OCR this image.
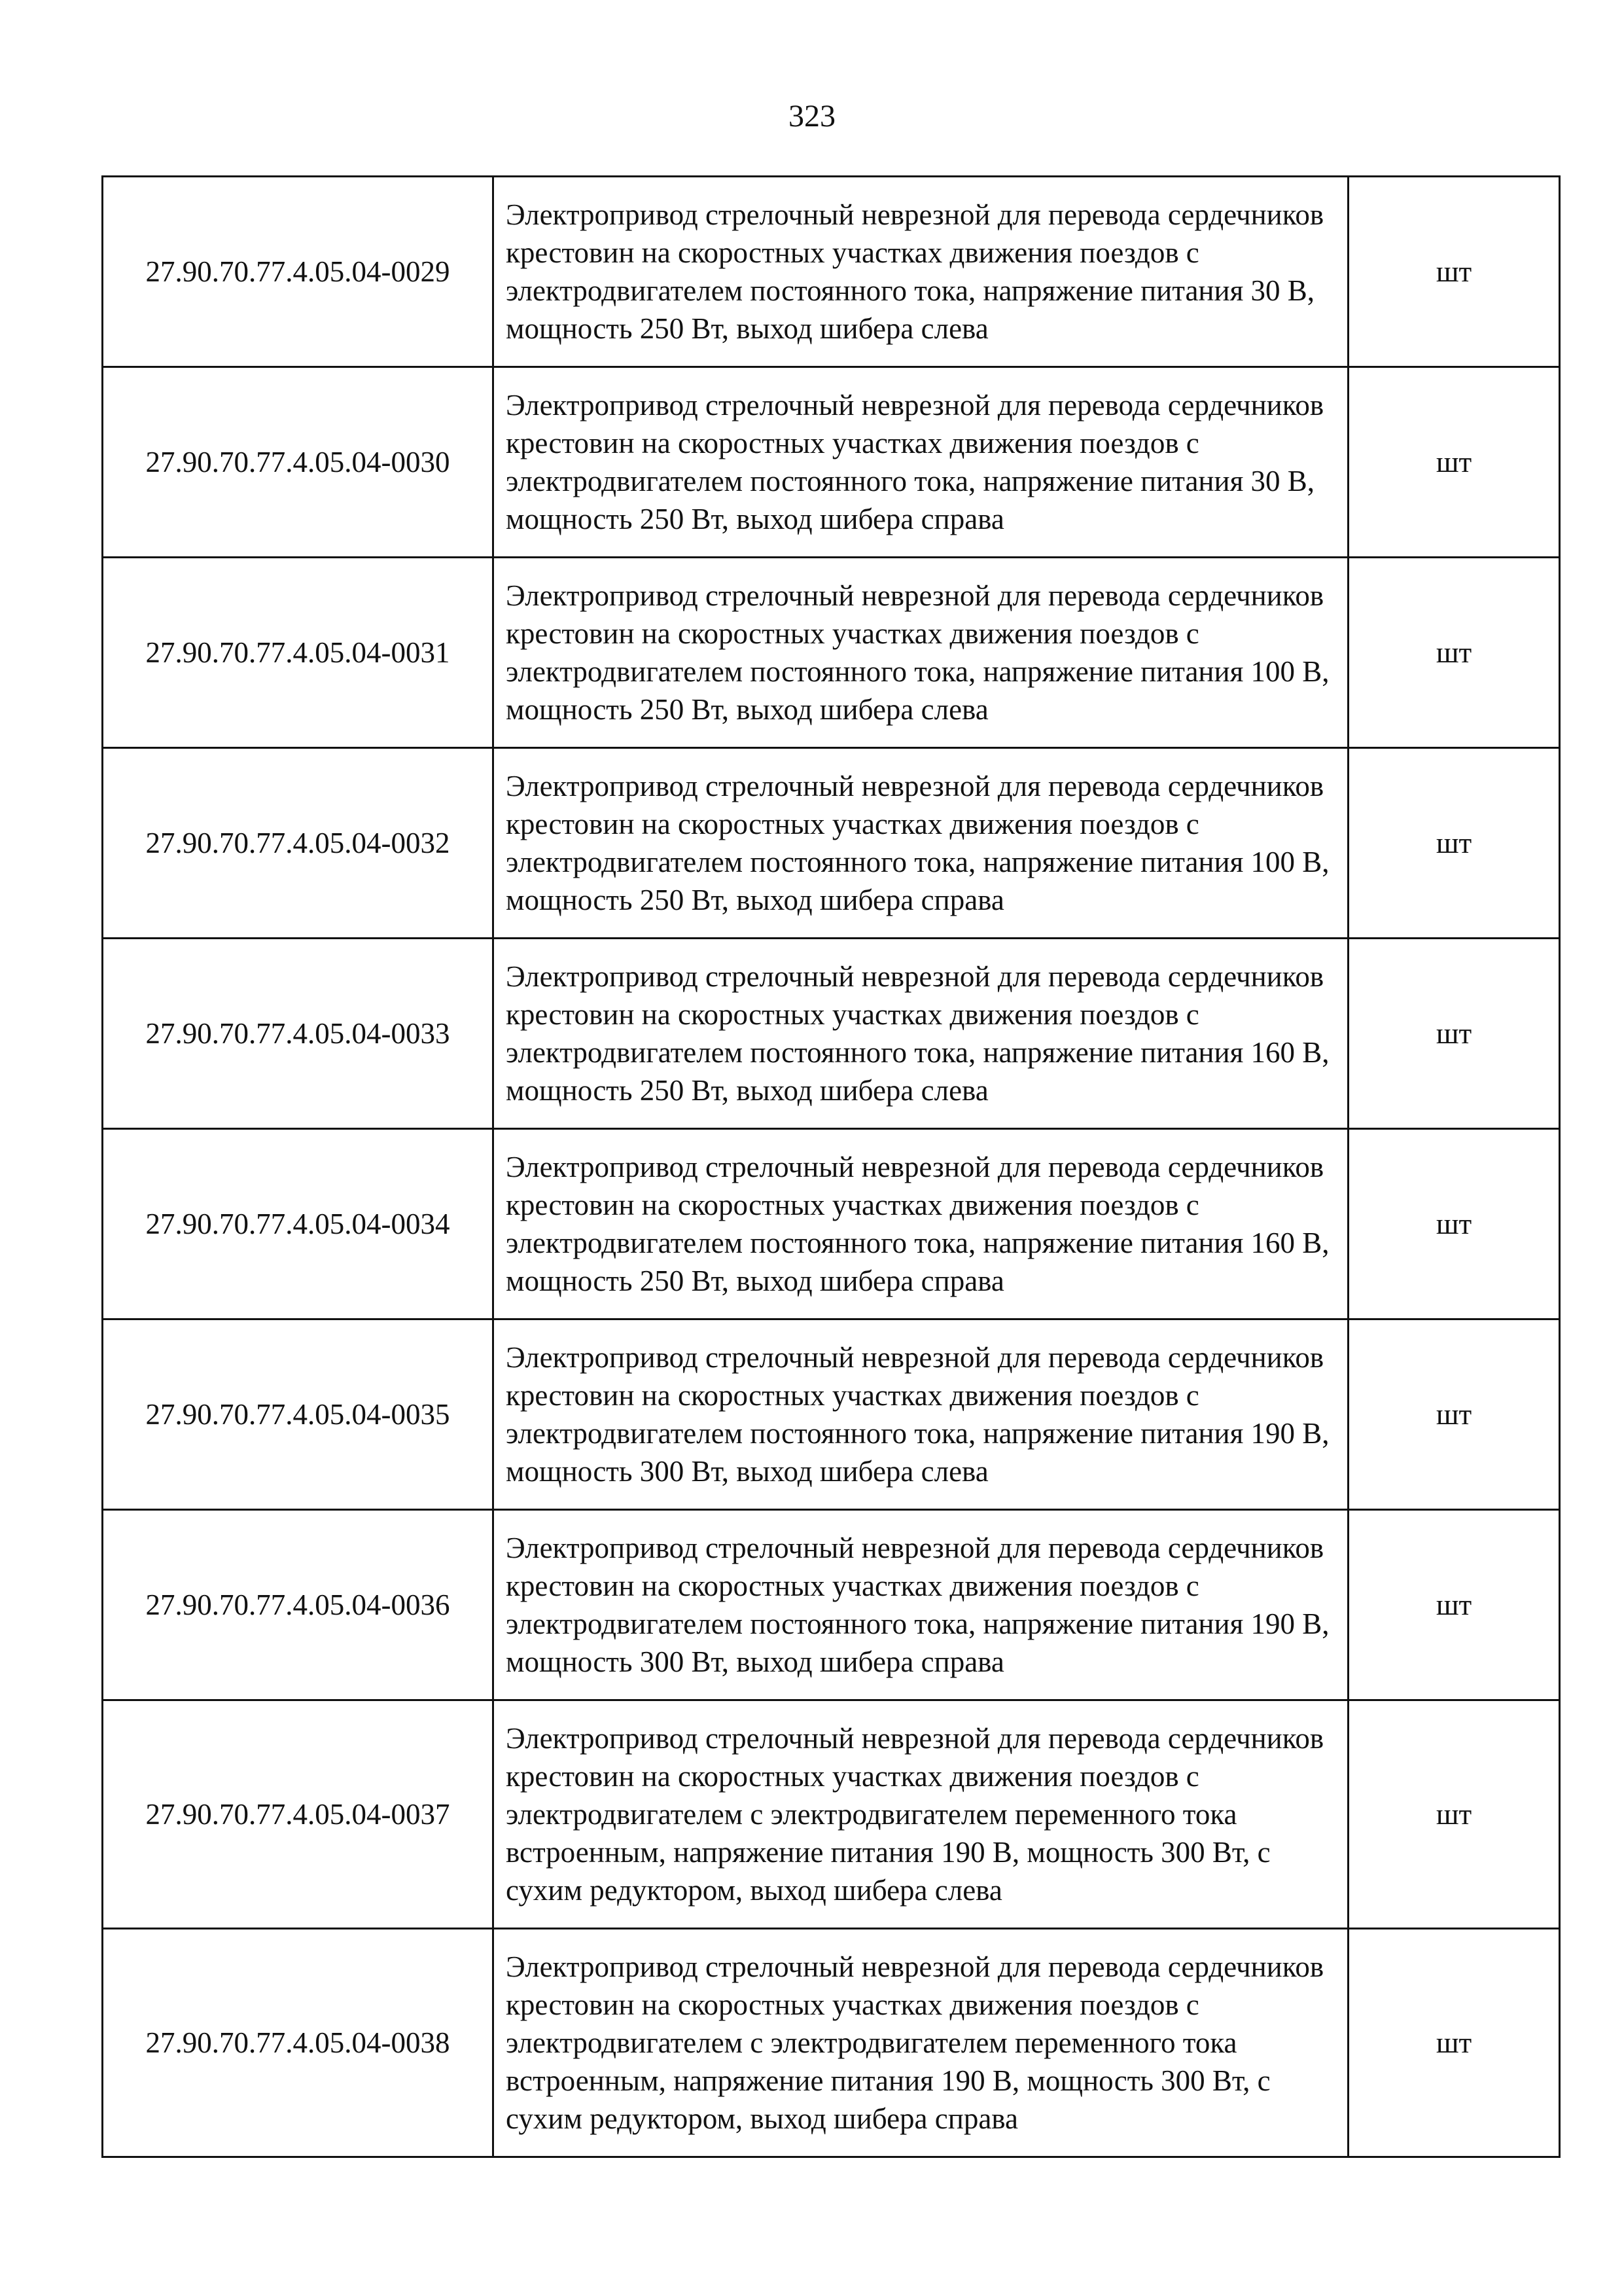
323
27.90.70.77.4.05.04-0029	Электропривод стрелочный неврезной для перевода сердечников крестовин на скоростных участках движения поездов с электродвигателем постоянного тока, напряжение питания 30 В, мощность 250 Вт, выход шибера слева	шт
27.90.70.77.4.05.04-0030	Электропривод стрелочный неврезной для перевода сердечников крестовин на скоростных участках движения поездов с электродвигателем постоянного тока, напряжение питания 30 В, мощность 250 Вт, выход шибера справа	шт
27.90.70.77.4.05.04-0031	Электропривод стрелочный неврезной для перевода сердечников крестовин на скоростных участках движения поездов с электродвигателем постоянного тока, напряжение питания 100 В, мощность 250 Вт, выход шибера слева	шт
27.90.70.77.4.05.04-0032	Электропривод стрелочный неврезной для перевода сердечников крестовин на скоростных участках движения поездов с электродвигателем постоянного тока, напряжение питания 100 В, мощность 250 Вт, выход шибера справа	шт
27.90.70.77.4.05.04-0033	Электропривод стрелочный неврезной для перевода сердечников крестовин на скоростных участках движения поездов с электродвигателем постоянного тока, напряжение питания 160 В, мощность 250 Вт, выход шибера слева	шт
27.90.70.77.4.05.04-0034	Электропривод стрелочный неврезной для перевода сердечников крестовин на скоростных участках движения поездов с электродвигателем постоянного тока, напряжение питания 160 В, мощность 250 Вт, выход шибера справа	шт
27.90.70.77.4.05.04-0035	Электропривод стрелочный неврезной для перевода сердечников крестовин на скоростных участках движения поездов с электродвигателем постоянного тока, напряжение питания 190 В, мощность 300 Вт, выход шибера слева	шт
27.90.70.77.4.05.04-0036	Электропривод стрелочный неврезной для перевода сердечников крестовин на скоростных участках движения поездов с электродвигателем постоянного тока, напряжение питания 190 В, мощность 300 Вт, выход шибера справа	шт
27.90.70.77.4.05.04-0037	Электропривод стрелочный неврезной для перевода сердечников крестовин на скоростных участках движения поездов с электродвигателем с электродвигателем переменного тока встроенным, напряжение питания 190 В, мощность 300 Вт, с сухим редуктором, выход шибера слева	шт
27.90.70.77.4.05.04-0038	Электропривод стрелочный неврезной для перевода сердечников крестовин на скоростных участках движения поездов с электродвигателем с электродвигателем переменного тока встроенным, напряжение питания 190 В, мощность 300 Вт, с сухим редуктором, выход шибера справа	шт
